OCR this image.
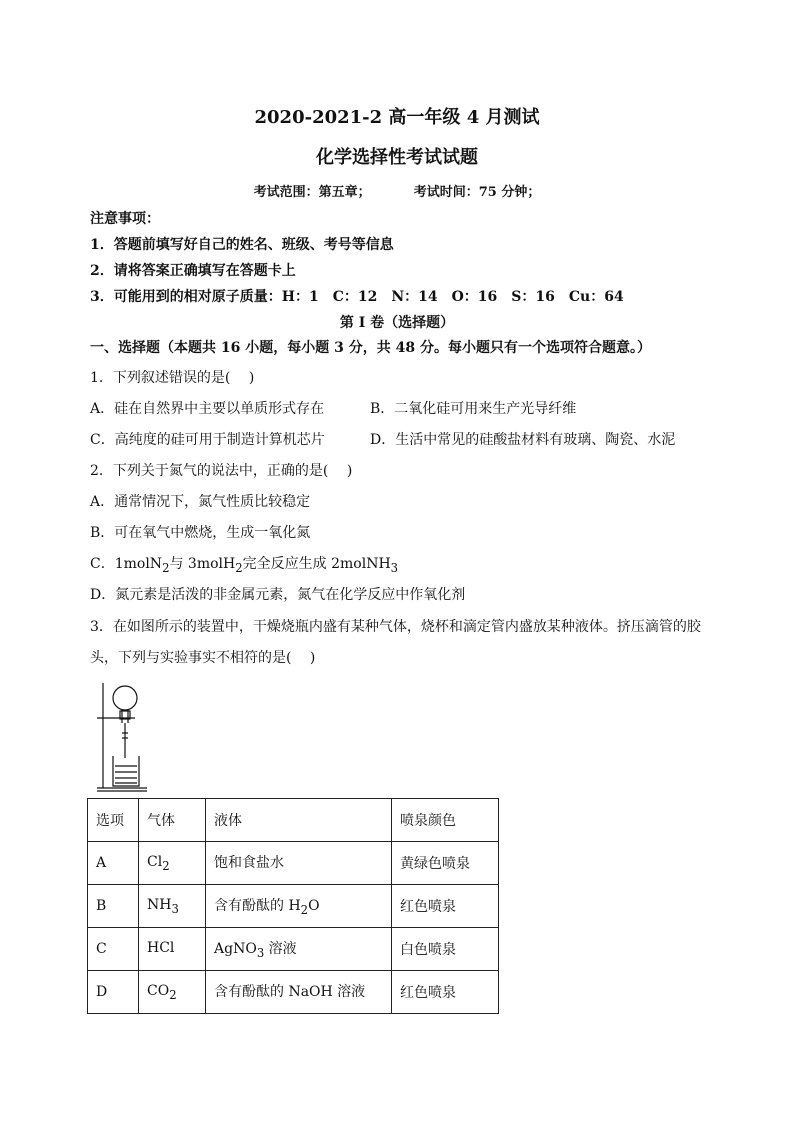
2020-2021-2 高一年级 4 月测试
化学选择性考试试题
考试范围：第五章；	考试时间：75 分钟；
注意事项：
1．答题前填写好自己的姓名、班级、考号等信息
2．请将答案正确填写在答题卡上
3．可能用到的相对原子质量：H：1　C：12　N：14　O：16　S：16　Cu：64
第 I 卷（选择题）
一、选择题（本题共 16 小题，每小题 3 分，共 48 分。每小题只有一个选项符合题意。）
1．下列叙述错误的是(　 )
A．硅在自然界中主要以单质形式存在	B．二氧化硅可用来生产光导纤维
C．高纯度的硅可用于制造计算机芯片	D．生活中常见的硅酸盐材料有玻璃、陶瓷、水泥
2．下列关于氮气的说法中，正确的是(　 )
A．通常情况下，氮气性质比较稳定
B．可在氧气中燃烧，生成一氧化氮
C．1molN$_2$与 3molH$_2$完全反应生成 2molNH$_3$
D．氮元素是活泼的非金属元素，氮气在化学反应中作氧化剂
3．在如图所示的装置中，干燥烧瓶内盛有某种气体，烧杯和滴定管内盛放某种液体。挤压滴管的胶
头，下列与实验事实不相符的是(　 )
选项	气体	液体	喷泉颜色
A	$Cl_2$	饱和食盐水	黄绿色喷泉
B	$NH_3$	含有酚酞的 $H_2O$	红色喷泉
C	HCl	AgNO$_3$ 溶液	白色喷泉
D	$CO_2$	含有酚酞的 NaOH 溶液	红色喷泉
